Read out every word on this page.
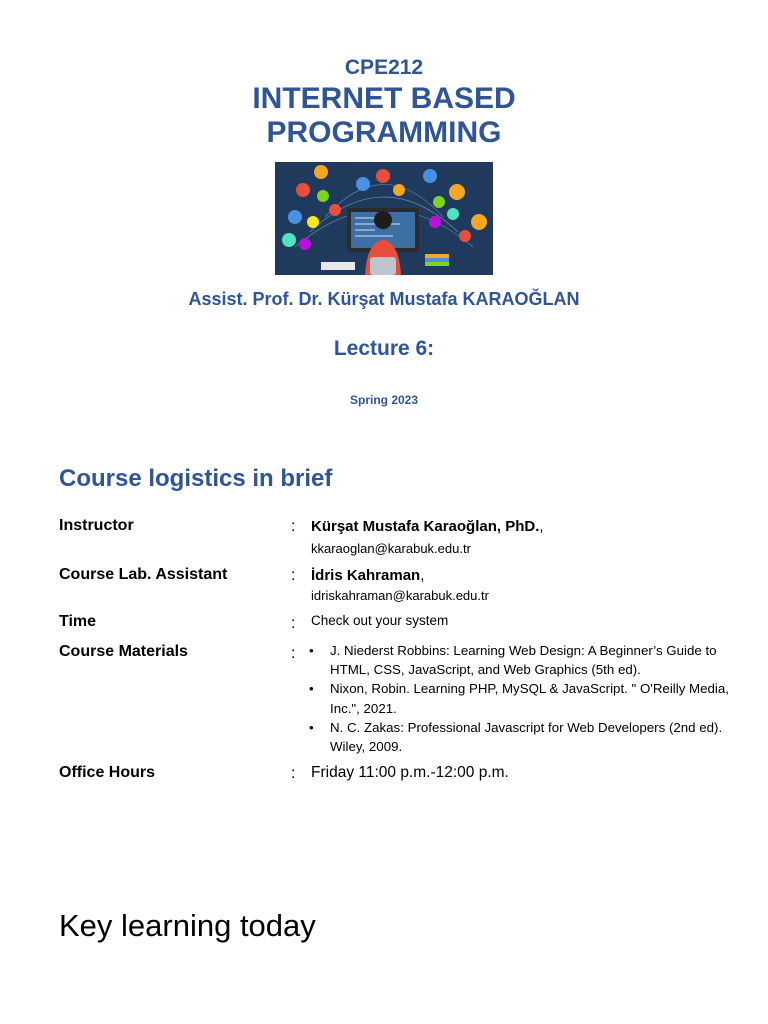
CPE212
INTERNET BASED
PROGRAMMING
Assist. Prof. Dr. Kürşat Mustafa KARAOĞLAN
Lecture 6:
Spring 2023
Course logistics in brief
Instructor	: Kürşat Mustafa Karaoğlan, PhD.,
kkaraoglan@karabuk.edu.tr
Course Lab. Assistant	: İdris Kahraman,
idriskahraman@karabuk.edu.tr
Time	: Check out your system
Course Materials	: • J. Niederst Robbins: Learning Web Design: A Beginner’s Guide to HTML, CSS, JavaScript, and Web Graphics (5th ed).
• Nixon, Robin. Learning PHP, MySQL & JavaScript. " O'Reilly Media, Inc.", 2021.
• N. C. Zakas: Professional Javascript for Web Developers (2nd ed). Wiley, 2009.
Office Hours	: Friday 11:00 p.m.-12:00 p.m.
Key learning today
